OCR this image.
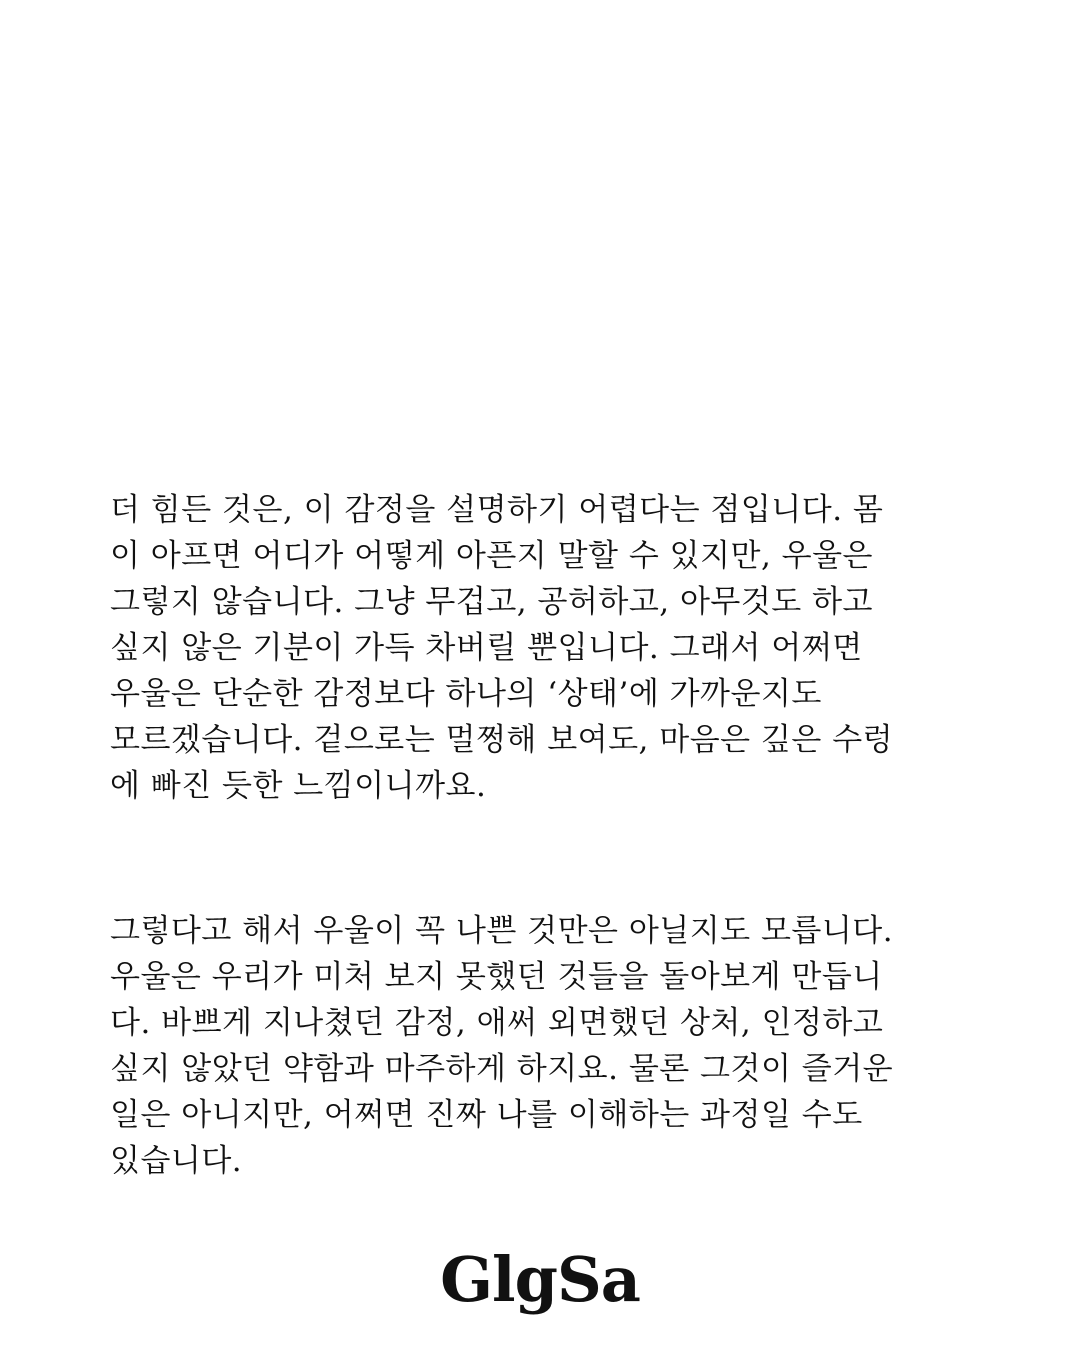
더 힘든 것은, 이 감정을 설명하기 어렵다는 점입니다. 몸
이 아프면 어디가 어떻게 아픈지 말할 수 있지만, 우울은
그렇지 않습니다. 그냥 무겁고, 공허하고, 아무것도 하고
싶지 않은 기분이 가득 차버릴 뿐입니다. 그래서 어쩌면
우울은 단순한 감정보다 하나의 ‘상태’에 가까운지도
모르겠습니다. 겉으로는 멀쩡해 보여도, 마음은 깊은 수렁
에 빠진 듯한 느낌이니까요.
그렇다고 해서 우울이 꼭 나쁜 것만은 아닐지도 모릅니다.
우울은 우리가 미처 보지 못했던 것들을 돌아보게 만듭니
다. 바쁘게 지나쳤던 감정, 애써 외면했던 상처, 인정하고
싶지 않았던 약함과 마주하게 하지요. 물론 그것이 즐거운
일은 아니지만, 어쩌면 진짜 나를 이해하는 과정일 수도
있습니다.
GlgSa
